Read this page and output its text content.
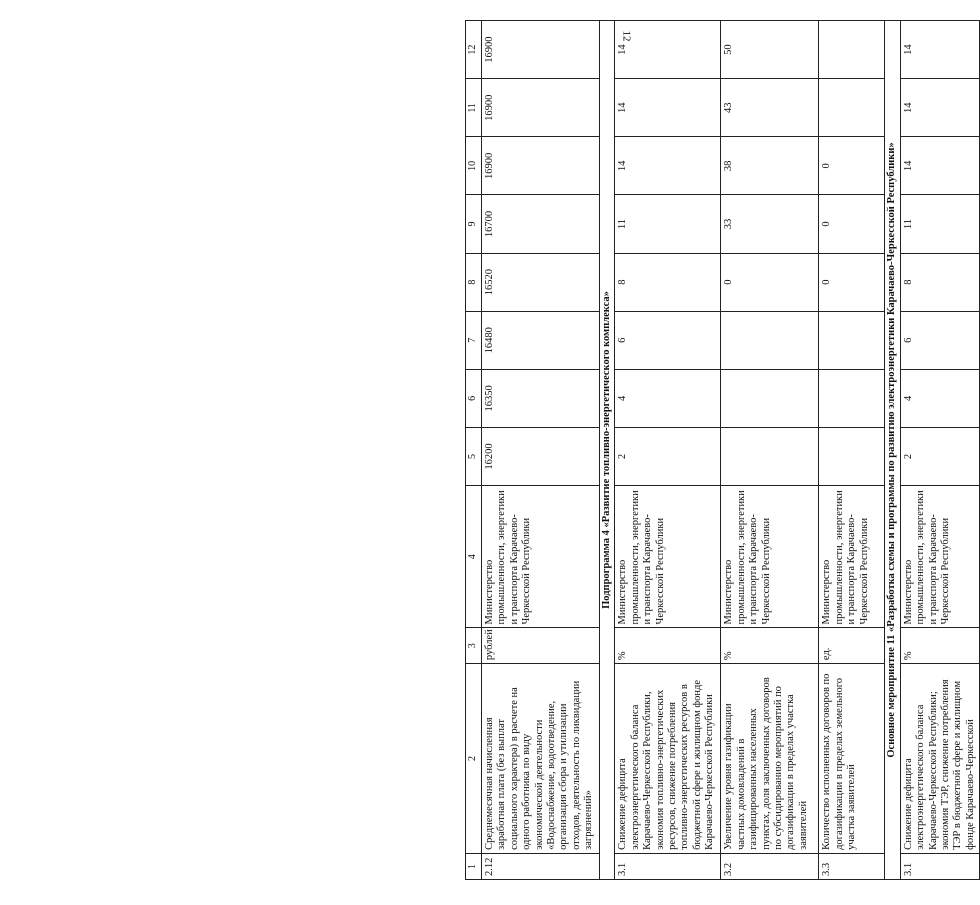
12
1	2	3	4	5	6	7	8	9	10	11	12
2.12	Среднемесячная начисленная заработная плата (без выплат социального характера) в расчете на одного работника по виду экономической деятельности «Водоснабжение, водоотведение, организация сбора и утилизации отходов, деятельность по ликвидации загрязнений»	рублей	Министерство промышленности, энергетики и транспорта Карачаево-Черкесской Республики	16200	16350	16480	16520	16700	16900	16900	16900
Подпрограмма 4 «Развитие топливно-энергетического комплекса»											
3.1	Снижение дефицита электроэнергетического баланса Карачаево-Черкесской Республики, экономия топливно-энергетических ресурсов, снижение потребления топливно-энергетических ресурсов в бюджетной сфере и жилищном фонде Карачаево-Черкесской Республики	%	Министерство промышленности, энергетики и транспорта Карачаево-Черкесской Республики	2	4	6	8	11	14	14	14
3.2	Увеличение уровня газификации частных домовладений в газифицированных населенных пунктах, доля заключенных договоров по субсидированию мероприятий по догазификации в пределах участка заявителей	%	Министерство промышленности, энергетики и транспорта Карачаево-Черкесской Республики				0	33	38	43	50
3.3	Количество исполненных договоров по догазификации в пределах земельного участка заявителей	ед.	Министерство промышленности, энергетики и транспорта Карачаево-Черкесской Республики				0	0	0		
Основное мероприятие 11 «Разработка схемы и программы по развитию электроэнергетики Карачаево-Черкесской Республики»											
3.1	Снижение дефицита электроэнергетического баланса Карачаево-Черкесской Республики; экономия ТЭР, снижение потребления ТЭР в бюджетной сфере и жилищном фонде Карачаево-Черкесской	%	Министерство промышленности, энергетики и транспорта Карачаево-Черкесской Республики	2	4	6	8	11	14	14	14
